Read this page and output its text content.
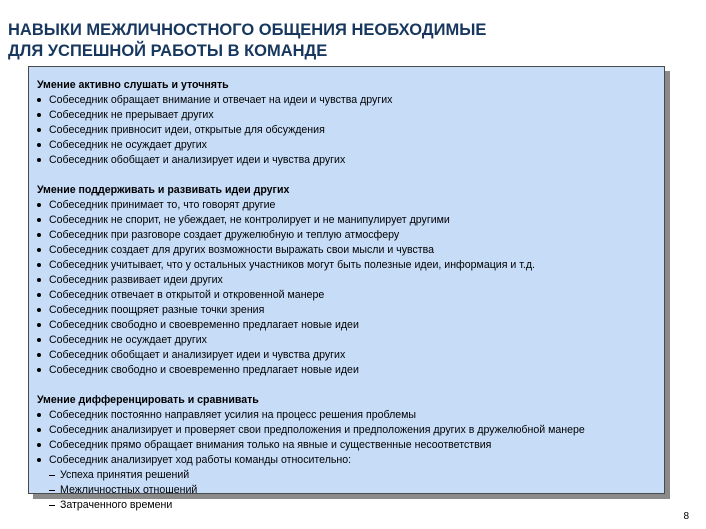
НАВЫКИ МЕЖЛИЧНОСТНОГО ОБЩЕНИЯ НЕОБХОДИМЫЕ
ДЛЯ УСПЕШНОЙ РАБОТЫ В КОМАНДЕ
Умение активно слушать и уточнять
Собеседник обращает внимание и отвечает на идеи и чувства других
Собеседник не прерывает других
Собеседник привносит идеи, открытые для обсуждения
Собеседник не осуждает других
Собеседник обобщает и анализирует идеи и чувства других
Умение поддерживать и развивать идеи других
Собеседник принимает то, что говорят другие
Собеседник не спорит, не убеждает, не контролирует и не манипулирует другими
Собеседник при разговоре создает дружелюбную и теплую атмосферу
Собеседник создает для других возможности выражать свои мысли и чувства
Собеседник учитывает, что у остальных участников могут быть полезные идеи, информация и т.д.
Собеседник развивает идеи других
Собеседник отвечает в открытой и откровенной манере
Собеседник поощряет разные точки зрения
Собеседник свободно и своевременно предлагает новые идеи
Собеседник не осуждает других
Собеседник обобщает и анализирует идеи и чувства других
Собеседник свободно и своевременно предлагает новые идеи
Умение дифференцировать и сравнивать
Собеседник постоянно направляет усилия на процесс решения проблемы
Собеседник анализирует и проверяет свои предположения и предположения других в дружелюбной манере
Собеседник прямо обращает внимания только на явные и существенные несоответствия
Собеседник анализирует ход работы команды относительно:
Успеха принятия решений
Межличностных отношений
Затраченного времени
8
